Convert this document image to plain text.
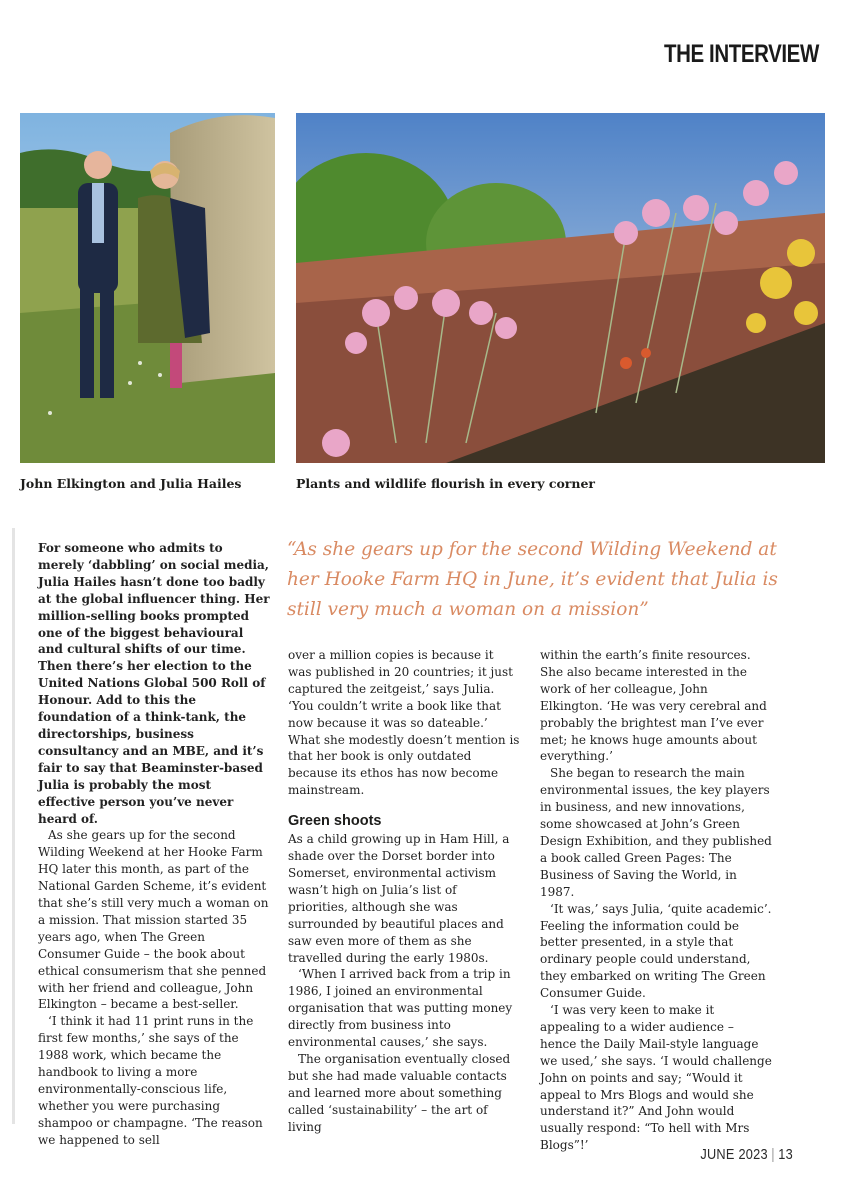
THE INTERVIEW
John Elkington and Julia Hailes	Plants and wildlife flourish in every corner
“As she gears up for the second Wilding Weekend at her Hooke Farm HQ in June, it’s evident that Julia is still very much a woman on a mission”

For someone who admits to merely ‘dabbling’ on social media, Julia Hailes hasn’t done too badly at the global influencer thing. Her million-selling books prompted one of the biggest behavioural and cultural shifts of our time. Then there’s her election to the United Nations Global 500 Roll of Honour. Add to this the foundation of a think-tank, the directorships, business consultancy and an MBE, and it’s fair to say that Beaminster-based Julia is probably the most effective person you’ve never heard of.

As she gears up for the second Wilding Weekend at her Hooke Farm HQ later this month, as part of the National Garden Scheme, it’s evident that she’s still very much a woman on a mission. That mission started 35 years ago, when The Green Consumer Guide – the book about ethical consumerism that she penned with her friend and colleague, John Elkington – became a best-seller.

‘I think it had 11 print runs in the first few months,’ she says of the 1988 work, which became the handbook to living a more environmentally-conscious life, whether you were purchasing shampoo or champagne. ‘The reason we happened to sell

over a million copies is because it was published in 20 countries; it just captured the zeitgeist,’ says Julia. ‘You couldn’t write a book like that now because it was so dateable.’ What she modestly doesn’t mention is that her book is only outdated because its ethos has now become mainstream.

Green shoots

As a child growing up in Ham Hill, a shade over the Dorset border into Somerset, environmental activism wasn’t high on Julia’s list of priorities, although she was surrounded by beautiful places and saw even more of them as she travelled during the early 1980s.

‘When I arrived back from a trip in 1986, I joined an environmental organisation that was putting money directly from business into environmental causes,’ she says.

The organisation eventually closed but she had made valuable contacts and learned more about something called ‘sustainability’ – the art of living

within the earth’s finite resources. She also became interested in the work of her colleague, John Elkington. ‘He was very cerebral and probably the brightest man I’ve ever met; he knows huge amounts about everything.’

She began to research the main environmental issues, the key players in business, and new innovations, some showcased at John’s Green Design Exhibition, and they published a book called Green Pages: The Business of Saving the World, in 1987.

‘It was,’ says Julia, ‘quite academic’. Feeling the information could be better presented, in a style that ordinary people could understand, they embarked on writing The Green Consumer Guide.

‘I was very keen to make it appealing to a wider audience – hence the Daily Mail-style language we used,’ she says. ‘I would challenge John on points and say; “Would it appeal to Mrs Blogs and would she understand it?” And John would usually respond: “To hell with Mrs Blogs”!’

JUNE 2023 | 13
